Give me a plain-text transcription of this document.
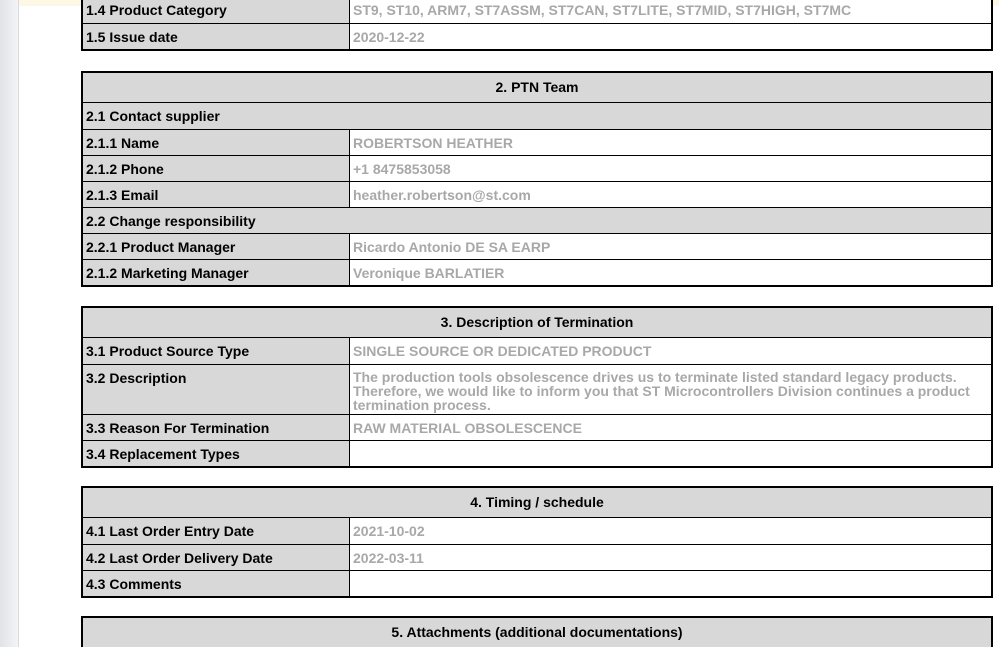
1.4 Product Category	ST9, ST10, ARM7, ST7ASSM, ST7CAN, ST7LITE, ST7MID, ST7HIGH, ST7MC
1.5 Issue date	2020-12-22
2. PTN Team
2.1 Contact supplier
2.1.1 Name	ROBERTSON HEATHER
2.1.2 Phone	+1 8475853058
2.1.3 Email	heather.robertson@st.com
2.2 Change responsibility
2.2.1 Product Manager	Ricardo Antonio DE SA EARP
2.1.2 Marketing Manager	Veronique BARLATIER
3. Description of Termination
3.1 Product Source Type	SINGLE SOURCE OR DEDICATED PRODUCT
3.2 Description	The production tools obsolescence drives us to terminate listed standard legacy products. Therefore, we would like to inform you that ST Microcontrollers Division continues a product termination process.
3.3 Reason For Termination	RAW MATERIAL OBSOLESCENCE
3.4 Replacement Types
4. Timing / schedule
4.1 Last Order Entry Date	2021-10-02
4.2 Last Order Delivery Date	2022-03-11
4.3 Comments
5. Attachments (additional documentations)
